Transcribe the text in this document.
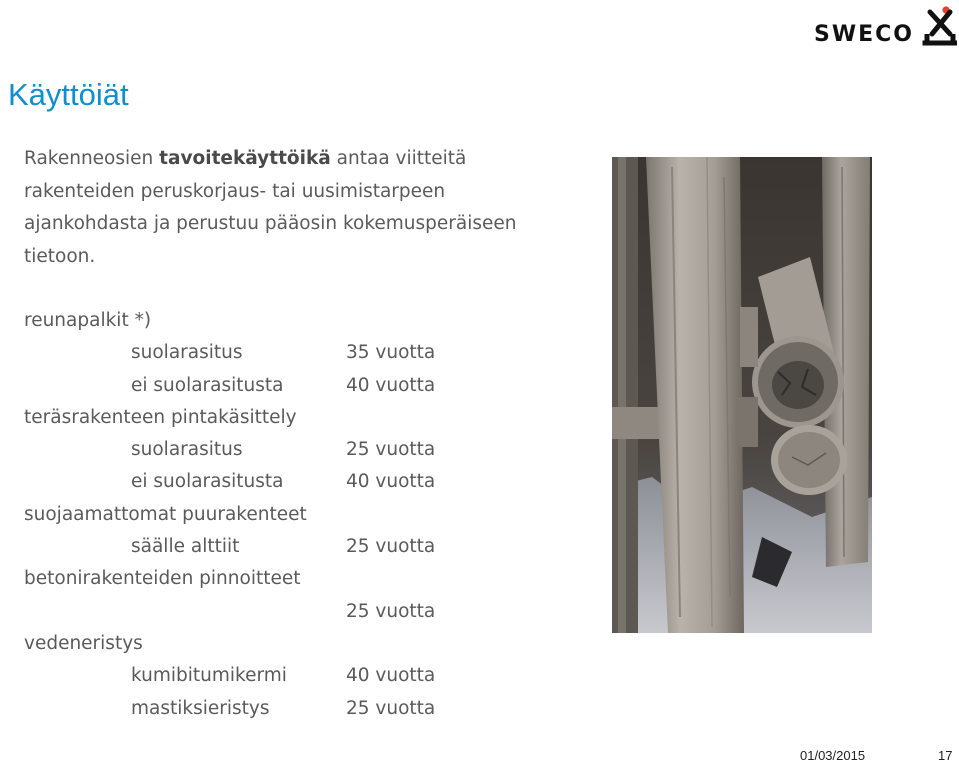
SWECO
Käyttöiät
Rakenneosien tavoitekäyttöikä antaa viitteitä rakenteiden peruskorjaus- tai uusimistarpeen ajankohdasta ja perustuu pääosin kokemusperäiseen tietoon.
reunapalkit *)
suolarasitus	35 vuotta
ei suolarasitusta	40 vuotta
teräsrakenteen pintakäsittely
suolarasitus	25 vuotta
ei suolarasitusta	40 vuotta
suojaamattomat puurakenteet
säälle alttiit	25 vuotta
betonirakenteiden pinnoitteet
25 vuotta
vedeneristys
kumibitumikermi	40 vuotta
mastiksieristys	25 vuotta
01/03/2015	17
